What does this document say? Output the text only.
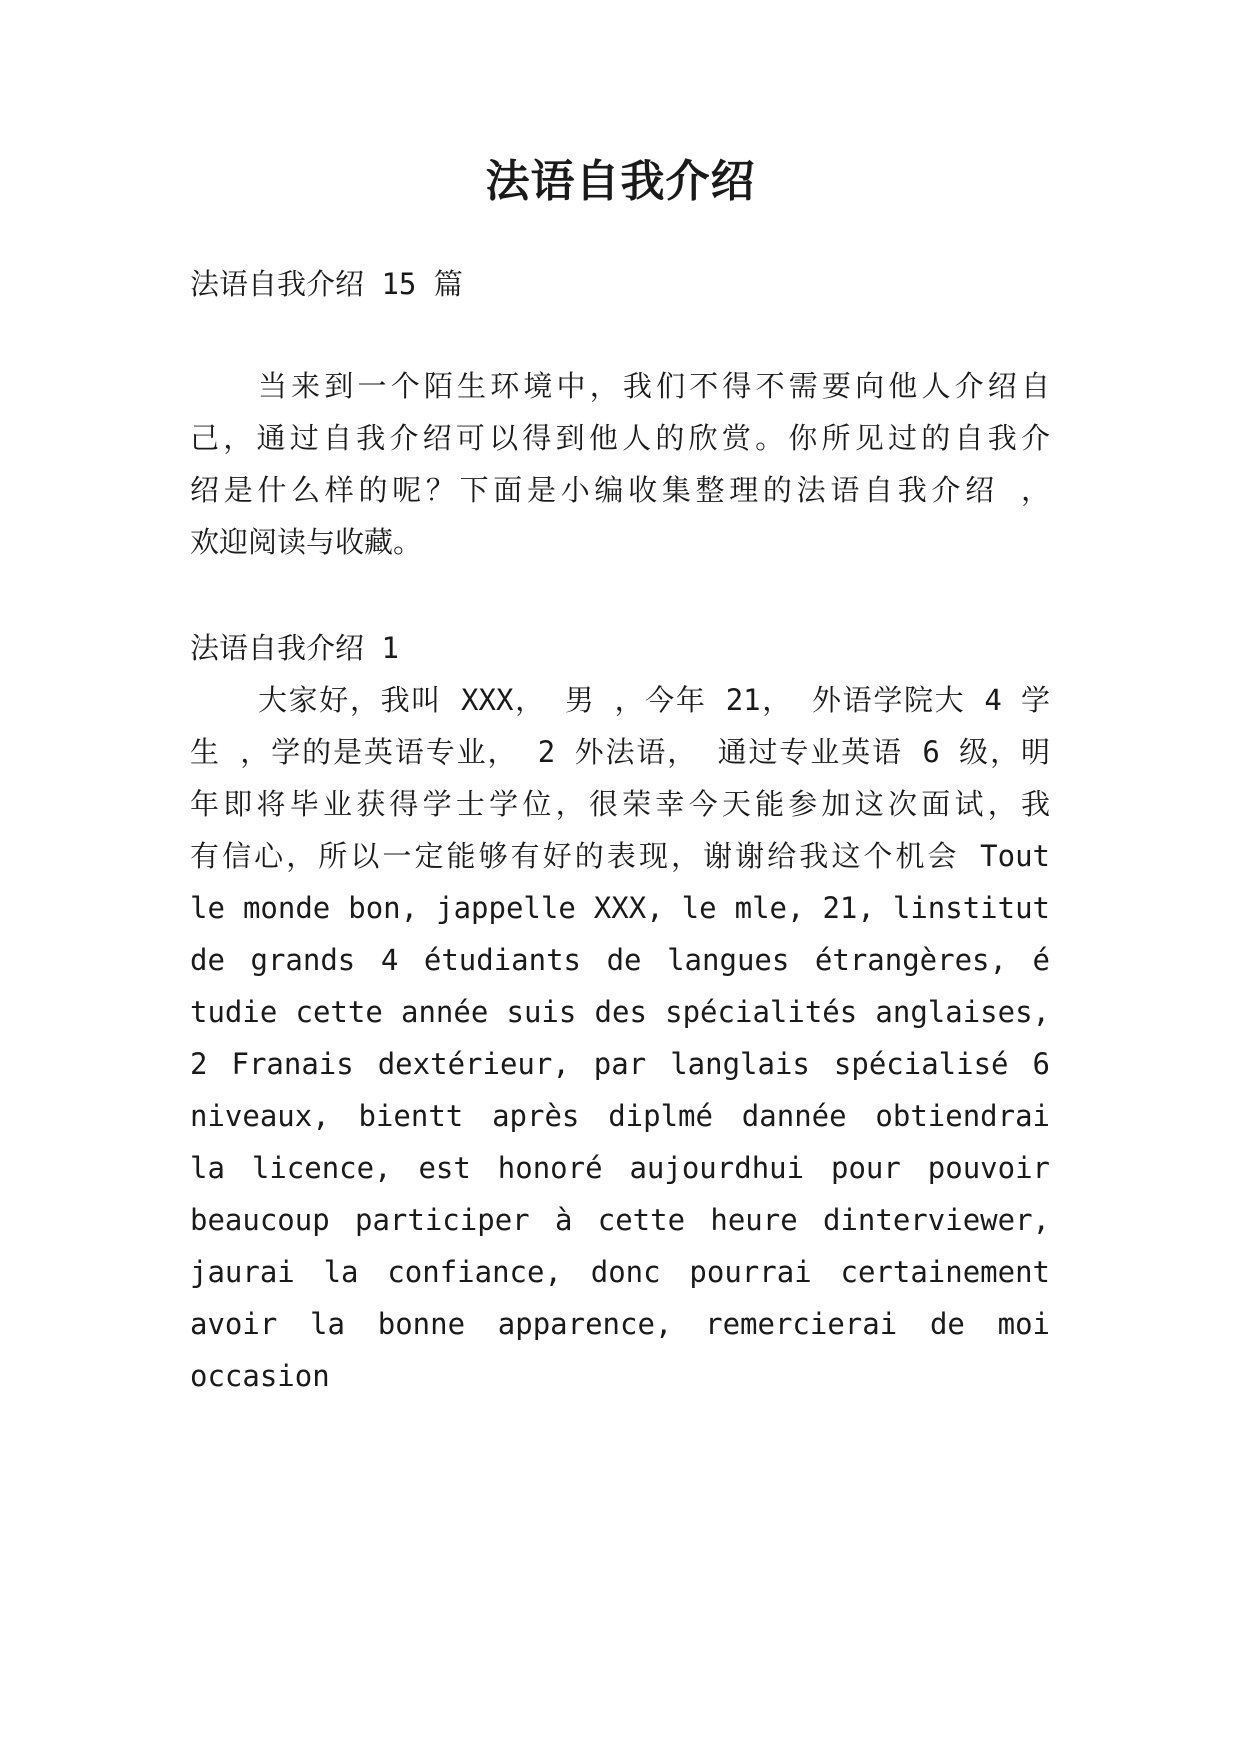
法语自我介绍
法语自我介绍 15 篇
当来到一个陌生环境中，我们不得不需要向他人介绍自
己，通过自我介绍可以得到他人的欣赏。你所见过的自我介
绍是什么样的呢？下面是小编收集整理的法语自我介绍 ，
欢迎阅读与收藏。
法语自我介绍 1
大家好，我叫 XXX， 男 ，今年 21， 外语学院大 4 学
生 ，学的是英语专业， 2 外法语， 通过专业英语 6 级，明
年即将毕业获得学士学位，很荣幸今天能参加这次面试，我
有信心，所以一定能够有好的表现，谢谢给我这个机会 Tout
le monde bon, jappelle XXX, le mle, 21, linstitut
de grands 4 étudiants de langues étrangères, é
tudie cette année suis des spécialités anglaises,
2 Franais dextérieur, par langlais spécialisé 6
niveaux, bientt après diplmé dannée obtiendrai
la licence, est honoré aujourdhui pour pouvoir
beaucoup participer à cette heure dinterviewer,
jaurai la confiance, donc pourrai certainement
avoir la bonne apparence, remercierai de moi
occasion
